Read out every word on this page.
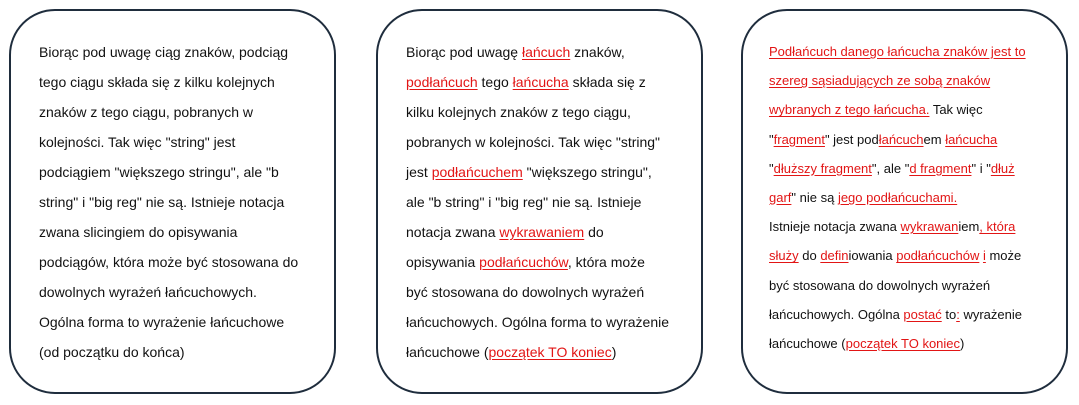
Biorąc pod uwagę ciąg znaków, podciąg
tego ciągu składa się z kilku kolejnych
znaków z tego ciągu, pobranych w
kolejności. Tak więc "string" jest
podciągiem "większego stringu", ale "b
string" i "big reg" nie są. Istnieje notacja
zwana slicingiem do opisywania
podciągów, która może być stosowana do
dowolnych wyrażeń łańcuchowych.
Ogólna forma to wyrażenie łańcuchowe
(od początku do końca)

Biorąc pod uwagę łańcuch znaków,
podłańcuch tego łańcucha składa się z
kilku kolejnych znaków z tego ciągu,
pobranych w kolejności. Tak więc "string"
jest podłańcuchem "większego stringu",
ale "b string" i "big reg" nie są. Istnieje
notacja zwana wykrawaniem do
opisywania podłańcuchów, która może
być stosowana do dowolnych wyrażeń
łańcuchowych. Ogólna forma to wyrażenie
łańcuchowe (początek TO koniec)

Podłańcuch danego łańcucha znaków jest to
szereg sąsiadujących ze sobą znaków
wybranych z tego łańcucha. Tak więc
"fragment" jest podłańcuchem łańcucha
"dłuższy fragment", ale "d fragment" i "dłuż
garf" nie są jego podłańcuchami.
Istnieje notacja zwana wykrawaniem, która
służy do definiowania podłańcuchów i może
być stosowana do dowolnych wyrażeń
łańcuchowych. Ogólna postać to: wyrażenie
łańcuchowe (początek TO koniec)
